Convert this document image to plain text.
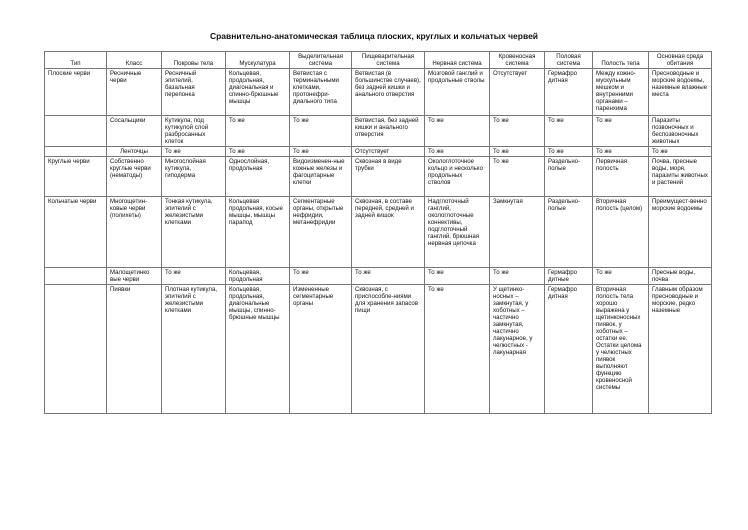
Сравнительно-анатомическая таблица плоских, круглых и кольчатых червей
Тип	Класс	Покровы тела	Мускулатура	Выделительная система	Пищеварительная система	Нервная система	Кровеносная система	Половая система	Полость тела	Основная среда обитания
Плоские черви	Ресничные черви	Ресничный эпителий, базальная перепонка	Кольцевая, продольная, диагональная и спинно-брюшные мышцы	Ветвистая с терминальными клетками, протонефри-диального типа	Ветвистая (в большинстве случаев), без задней кишки и анального отверстия	Мозговой ганглий и продольные стволы	Отсутствует	Гермафро дитная	Между кожно-мускульным мешком и внутренними органами – паренхима	Пресноводные и морские водоемы, наземные влажные места
	Сосальщики	Кутикула, под кутикулой слой разбросанных клеток	То же	То же	Ветвистая, без задней кишки и анального отверстия	То же	То же	То же	То же	Паразиты позвоночных и беспозвоночных животных
	Ленточцы	То же	То же	То же	Отсутствует	То же	То же	То же	То же	То же
Круглые черви	Собственно круглые черви (нематоды)	Многослойная кутикула, гиподерма	Однослойная, продольная	Видоизменен-ные кожные железы и фагоцитарные клетки	Сквозная в виде трубки	Окологлоточное кольцо и несколько продольных стволов	То же	Раздельно-полые	Первичная полость	Почва, пресные воды, моря, паразиты животных и растений
Кольчатые черви	Многощетин-ковые черви (полихеты)	Тонкая кутикула, эпителий с железистыми клетками	Кольцевая продольная, косые мышцы, мышцы парапод	Сегментарные органы, открытые нефридии, метанефридии	Сквозная, в составе передней, средней и задней кишок	Надглоточный ганглий, окологлоточные коннективы, подглоточный ганглий, брюшная нервная цепочка	Замкнутая	Раздельно-полые	Вторичная полость (целом)	Преимущест-венно морские водоемы
	Малощетинко вые черви	То же	Кольцевая, продольная	То же	То же	То же	То же	Гермафро дитные	То же	Пресные воды, почва
	Пиявки	Плотная кутикула, эпителий с железистыми клетками	Кольцевая, продольная, диагональные мышцы, спинно-брюшные мышцы	Измененные сегментарные органы	Сквозная, с приспособле-ниями для хранения запасов пищи	То же	У щетинко-носных – замкнутая, у хоботных – частично замкнутая, частично лакунарное, у челюстных - лакунарная	Гермафро дитная	Вторичная полость тела хорошо выражена у щетинконосных пиявок, у хоботных – остатки ее. Остатки целома у челюстных пиявок выполняют функцию кровеносной системы	Главным образом пресноводные и морские, редко наземные
